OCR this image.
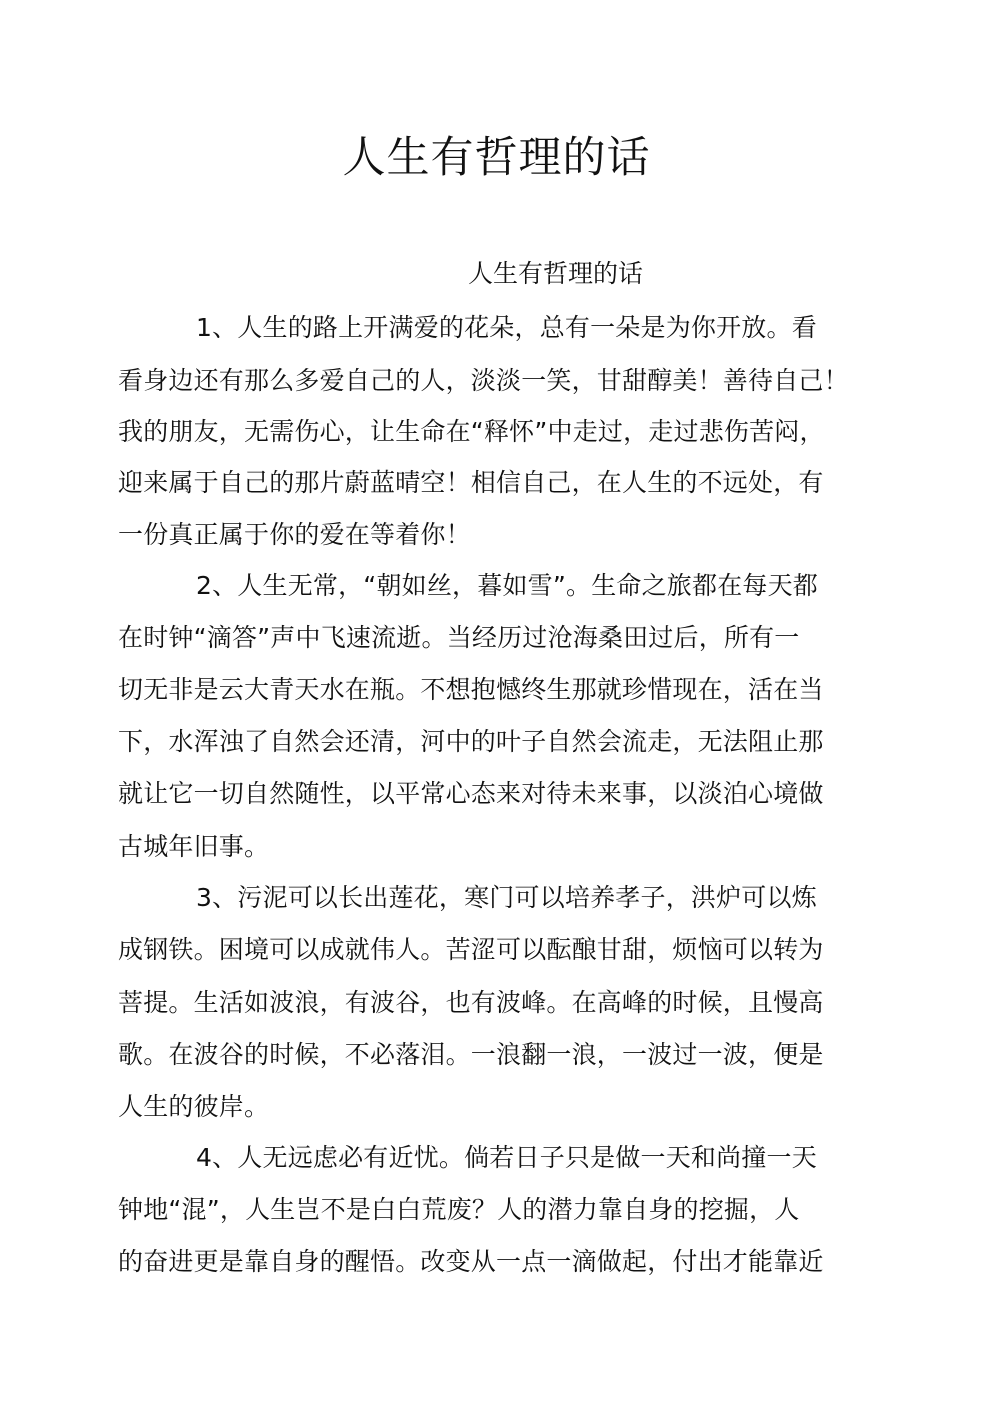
人生有哲理的话
人生有哲理的话
1、人生的路上开满爱的花朵，总有一朵是为你开放。看
看身边还有那么多爱自己的人，淡淡一笑，甘甜醇美！善待自己！
我的朋友，无需伤心，让生命在“释怀”中走过，走过悲伤苦闷，
迎来属于自己的那片蔚蓝晴空！相信自己，在人生的不远处，有
一份真正属于你的爱在等着你！
2、人生无常，“朝如丝，暮如雪”。生命之旅都在每天都
在时钟“滴答”声中飞速流逝。当经历过沧海桑田过后，所有一
切无非是云大青天水在瓶。不想抱憾终生那就珍惜现在，活在当
下，水浑浊了自然会还清，河中的叶子自然会流走，无法阻止那
就让它一切自然随性，以平常心态来对待未来事，以淡泊心境做
古城年旧事。
3、污泥可以长出莲花，寒门可以培养孝子，洪炉可以炼
成钢铁。困境可以成就伟人。苦涩可以酝酿甘甜，烦恼可以转为
菩提。生活如波浪，有波谷，也有波峰。在高峰的时候，且慢高
歌。在波谷的时候，不必落泪。一浪翻一浪，一波过一波，便是
人生的彼岸。
4、人无远虑必有近忧。倘若日子只是做一天和尚撞一天
钟地“混”，人生岂不是白白荒废？人的潜力靠自身的挖掘，人
的奋进更是靠自身的醒悟。改变从一点一滴做起，付出才能靠近
